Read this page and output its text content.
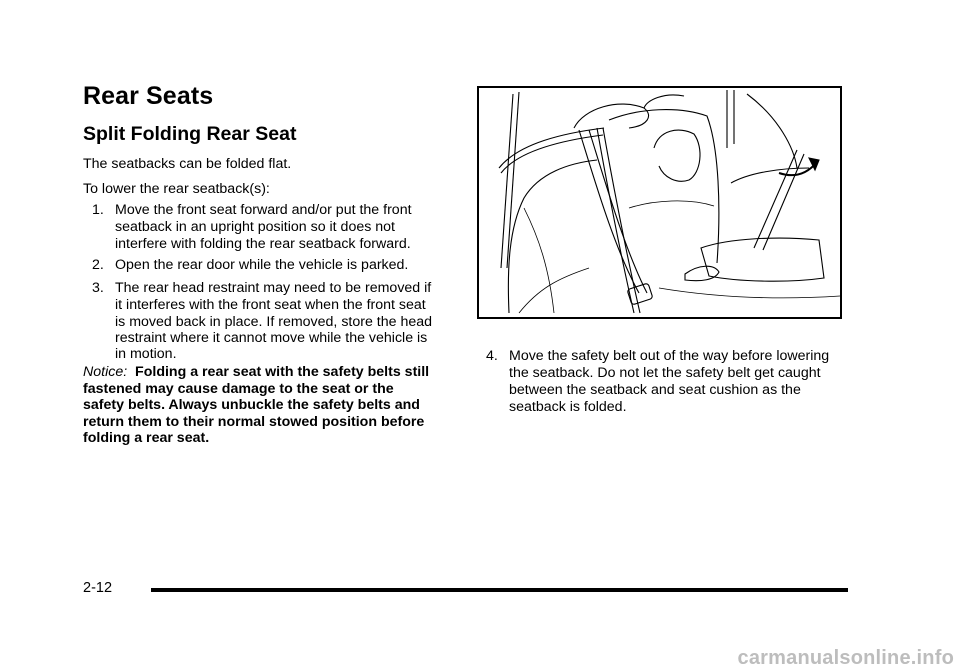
Rear Seats
Split Folding Rear Seat

The seatbacks can be folded flat.

To lower the rear seatback(s):

1. Move the front seat forward and/or put the front
seatback in an upright position so it does not
interfere with folding the rear seatback forward.
2. Open the rear door while the vehicle is parked.
3. The rear head restraint may need to be removed if
it interferes with the front seat when the front seat
is moved back in place. If removed, store the head
restraint where it cannot move while the vehicle is
in motion.
Notice: Folding a rear seat with the safety belts still
fastened may cause damage to the seat or the
safety belts. Always unbuckle the safety belts and
return them to their normal stowed position before
folding a rear seat.
4. Move the safety belt out of the way before lowering
the seatback. Do not let the safety belt get caught
between the seatback and seat cushion as the
seatback is folded.
2-12
carmanualsonline.info
